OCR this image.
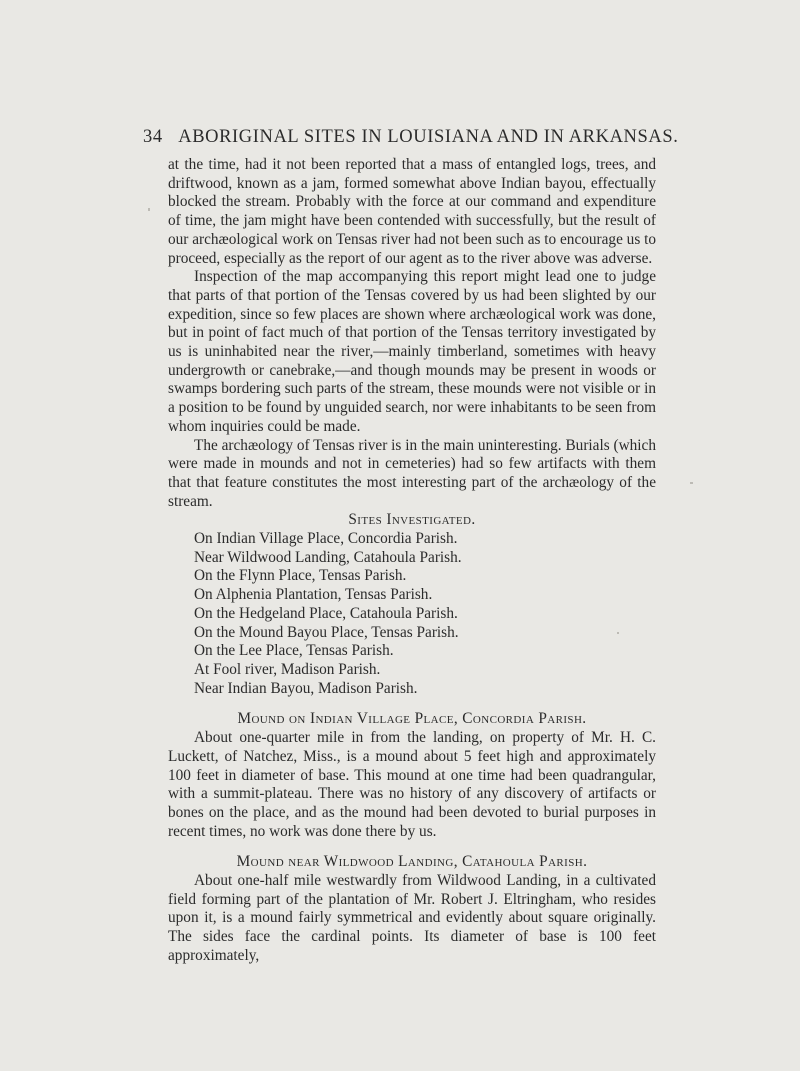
34 ABORIGINAL SITES IN LOUISIANA AND IN ARKANSAS.

at the time, had it not been reported that a mass of entangled logs, trees, and driftwood, known as a jam, formed somewhat above Indian bayou, effectually blocked the stream. Probably with the force at our command and expenditure of time, the jam might have been contended with successfully, but the result of our archæological work on Tensas river had not been such as to encourage us to proceed, especially as the report of our agent as to the river above was adverse.

Inspection of the map accompanying this report might lead one to judge that parts of that portion of the Tensas covered by us had been slighted by our expedition, since so few places are shown where archæological work was done, but in point of fact much of that portion of the Tensas territory investigated by us is uninhabited near the river,—mainly timberland, sometimes with heavy undergrowth or canebrake,—and though mounds may be present in woods or swamps bordering such parts of the stream, these mounds were not visible or in a position to be found by unguided search, nor were inhabitants to be seen from whom inquiries could be made.

The archæology of Tensas river is in the main uninteresting. Burials (which were made in mounds and not in cemeteries) had so few artifacts with them that that feature constitutes the most interesting part of the archæology of the stream.

Sites Investigated.

On Indian Village Place, Concordia Parish.
Near Wildwood Landing, Catahoula Parish.
On the Flynn Place, Tensas Parish.
On Alphenia Plantation, Tensas Parish.
On the Hedgeland Place, Catahoula Parish.
On the Mound Bayou Place, Tensas Parish.
On the Lee Place, Tensas Parish.
At Fool river, Madison Parish.
Near Indian Bayou, Madison Parish.

Mound on Indian Village Place, Concordia Parish.

About one-quarter mile in from the landing, on property of Mr. H. C. Luckett, of Natchez, Miss., is a mound about 5 feet high and approximately 100 feet in diameter of base. This mound at one time had been quadrangular, with a summit-plateau. There was no history of any discovery of artifacts or bones on the place, and as the mound had been devoted to burial purposes in recent times, no work was done there by us.

Mound near Wildwood Landing, Catahoula Parish.

About one-half mile westwardly from Wildwood Landing, in a cultivated field forming part of the plantation of Mr. Robert J. Eltringham, who resides upon it, is a mound fairly symmetrical and evidently about square originally. The sides face the cardinal points. Its diameter of base is 100 feet approximately,
